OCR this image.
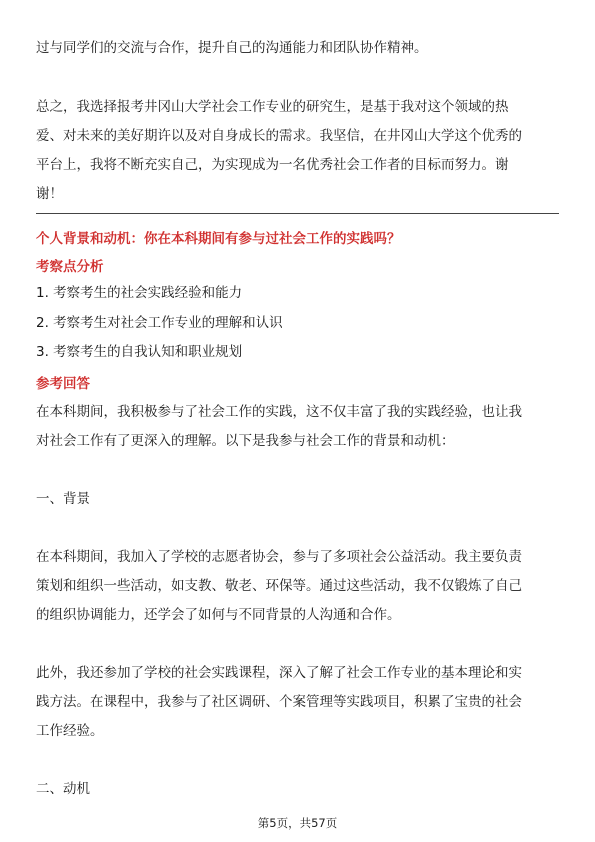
过与同学们的交流与合作，提升自己的沟通能力和团队协作精神。
总之，我选择报考井冈山大学社会工作专业的研究生，是基于我对这个领域的热
爱、对未来的美好期许以及对自身成长的需求。我坚信，在井冈山大学这个优秀的
平台上，我将不断充实自己，为实现成为一名优秀社会工作者的目标而努力。谢
谢！
个人背景和动机：你在本科期间有参与过社会工作的实践吗？
考察点分析
1. 考察考生的社会实践经验和能力
2. 考察考生对社会工作专业的理解和认识
3. 考察考生的自我认知和职业规划
参考回答
在本科期间，我积极参与了社会工作的实践，这不仅丰富了我的实践经验，也让我
对社会工作有了更深入的理解。以下是我参与社会工作的背景和动机：
一、背景
在本科期间，我加入了学校的志愿者协会，参与了多项社会公益活动。我主要负责
策划和组织一些活动，如支教、敬老、环保等。通过这些活动，我不仅锻炼了自己
的组织协调能力，还学会了如何与不同背景的人沟通和合作。
此外，我还参加了学校的社会实践课程，深入了解了社会工作专业的基本理论和实
践方法。在课程中，我参与了社区调研、个案管理等实践项目，积累了宝贵的社会
工作经验。
二、动机
第5页，共57页
